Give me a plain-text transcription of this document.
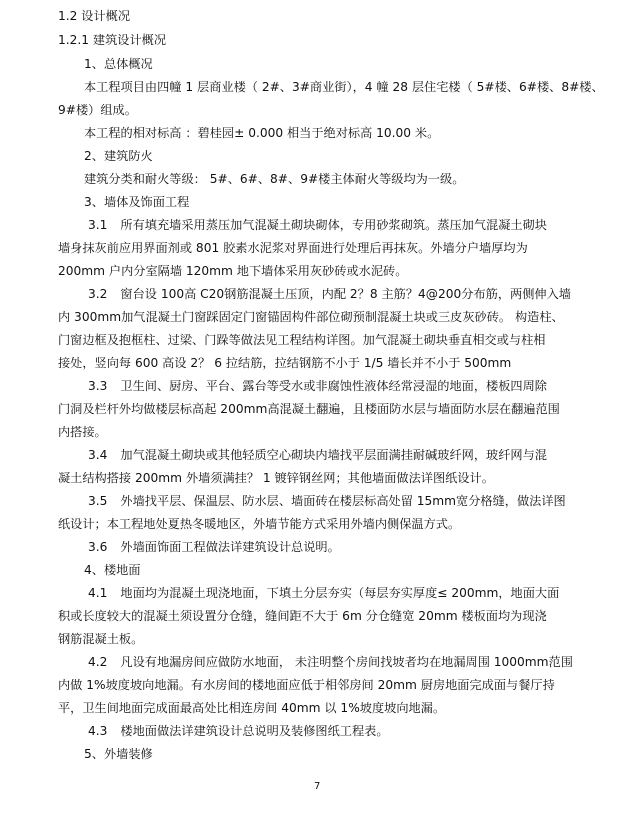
1.2 设计概况

1.2.1 建筑设计概况

1、总体概况

本工程项目由四幢 1 层商业楼（ 2#、3#商业街），4 幢 28 层住宅楼（ 5#楼、6#楼、8#楼、

9#楼）组成。

本工程的相对标高 ：碧桂园± 0.000 相当于绝对标高 10.00 米。

2、建筑防火

建筑分类和耐火等级： 5#、6#、8#、9#楼主体耐火等级均为一级。

3、墙体及饰面工程

3.1 所有填充墙采用蒸压加气混凝土砌块砌体，专用砂浆砌筑。蒸压加气混凝土砌块

墙身抹灰前应用界面剂或 801 胶素水泥浆对界面进行处理后再抹灰。外墙分户墙厚均为

200mm 户内分室隔墙 120mm 地下墙体采用灰砂砖或水泥砖。

3.2 窗台设 100高 C20钢筋混凝土压顶，内配 2？8 主筋？4@200分布筋，两侧伸入墙

内 300mm加气混凝土门窗踩固定门窗锚固构件部位砌预制混凝土块或三皮灰砂砖。 构造柱、

门窗边框及抱框柱、过梁、门跺等做法见工程结构详图。加气混凝土砌块垂直相交或与柱相

接处，竖向每 600 高设 2？ 6 拉结筋，拉结钢筋不小于 1/5 墙长并不小于 500mm

3.3 卫生间、厨房、平台、露台等受水或非腐蚀性液体经常浸湿的地面，楼板四周除

门洞及栏杆外均做楼层标高起 200mm高混凝土翻遍，且楼面防水层与墙面防水层在翻遍范围

内搭接。

3.4 加气混凝土砌块或其他轻质空心砌块内墙找平层面满挂耐碱玻纤网，玻纤网与混

凝土结构搭接 200mm 外墙须满挂？ 1 镀锌钢丝网；其他墙面做法详图纸设计。

3.5 外墙找平层、保温层、防水层、墙面砖在楼层标高处留 15mm宽分格缝，做法详图

纸设计；本工程地处夏热冬暖地区，外墙节能方式采用外墙内侧保温方式。

3.6 外墙面饰面工程做法详建筑设计总说明。

4、楼地面

4.1 地面均为混凝土现浇地面，下填土分层夯实（每层夯实厚度≤ 200mm，地面大面

积或长度较大的混凝土须设置分仓缝，缝间距不大于 6m 分仓缝宽 20mm 楼板面均为现浇

钢筋混凝土板。

4.2 凡设有地漏房间应做防水地面， 未注明整个房间找坡者均在地漏周围 1000mm范围

内做 1%坡度坡向地漏。有水房间的楼地面应低于相邻房间 20mm 厨房地面完成面与餐厅持

平，卫生间地面完成面最高处比相连房间 40mm 以 1%坡度坡向地漏。

4.3 楼地面做法详建筑设计总说明及装修图纸工程表。

5、外墙装修

7
